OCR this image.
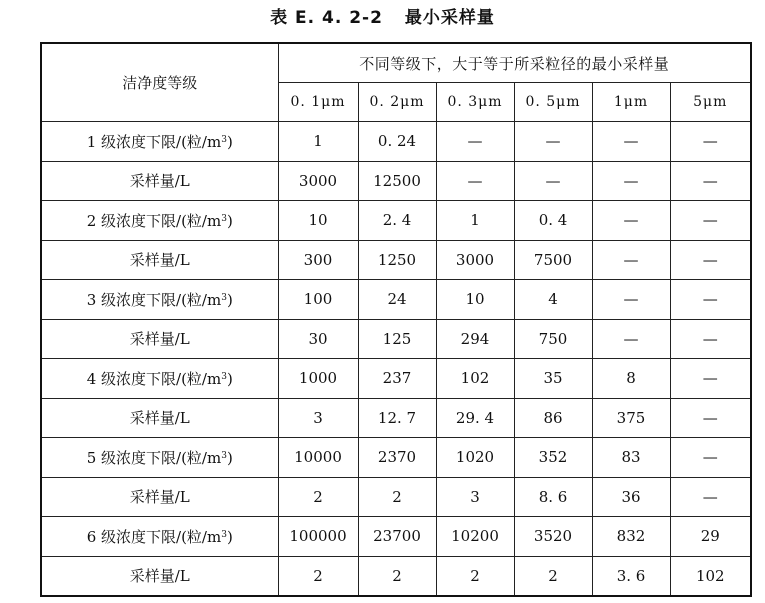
表 E. 4. 2-2 最小采样量
洁净度等级	不同等级下，大于等于所采粒径的最小采样量					
	0. 1μm	0. 2μm	0. 3μm	0. 5μm	1μm	5μm
1 级浓度下限/(粒$/m^3$)	1	0. 24	—	—	—	—
采样量/L	3000	12500	—	—	—	—
2 级浓度下限/(粒$/m^3$)	10	2. 4	1	0. 4	—	—
采样量/L	300	1250	3000	7500	—	—
3 级浓度下限/(粒$/m^3$)	100	24	10	4	—	—
采样量/L	30	125	294	750	—	—
4 级浓度下限/(粒$/m^3$)	1000	237	102	35	8	—
采样量/L	3	12. 7	29. 4	86	375	—
5 级浓度下限/(粒$/m^3$)	10000	2370	1020	352	83	—
采样量/L	2	2	3	8. 6	36	—
6 级浓度下限/(粒$/m^3$)	100000	23700	10200	3520	832	29
采样量/L	2	2	2	2	3. 6	102
